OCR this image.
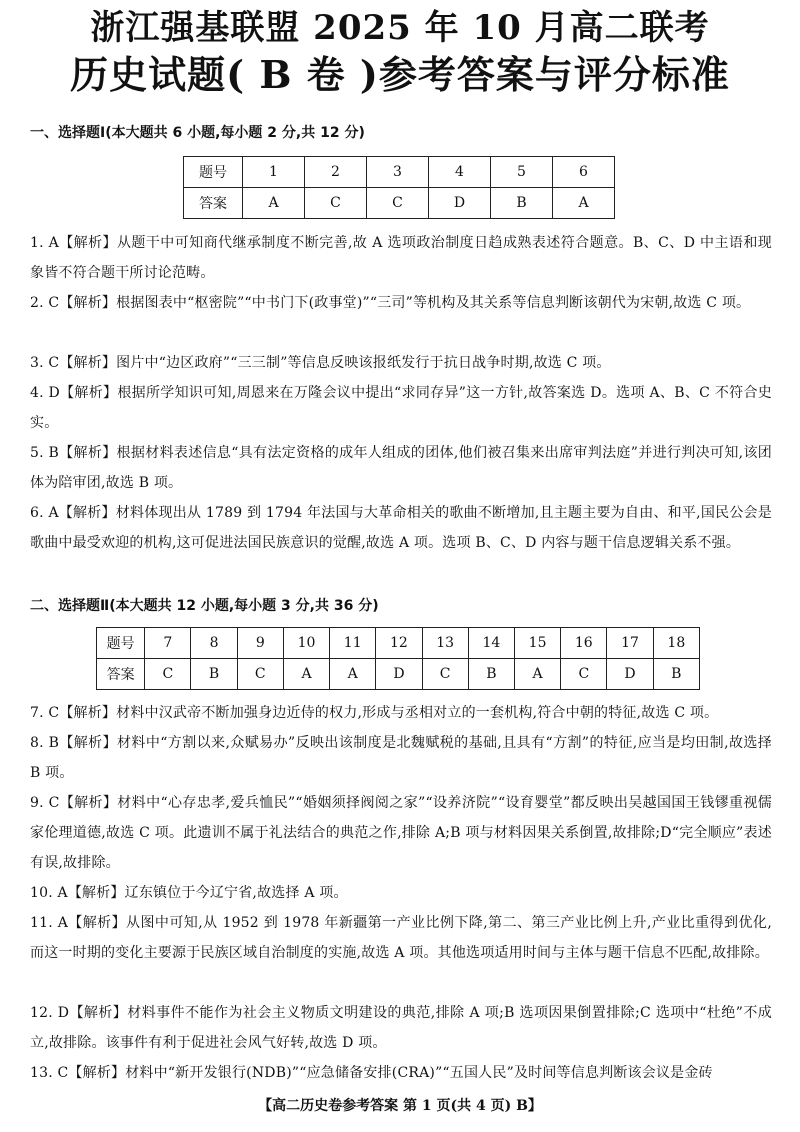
浙江强基联盟 2025 年 10 月高二联考
历史试题( B 卷 )参考答案与评分标准
一、选择题Ⅰ(本大题共 6 小题,每小题 2 分,共 12 分)
题号	1	2	3	4	5	6
答案	A	C	C	D	B	A
1. A【解析】从题干中可知商代继承制度不断完善,故 A 选项政治制度日趋成熟表述符合题意。B、C、D 中主语和现象皆不符合题干所讨论范畴。
2. C【解析】根据图表中“枢密院”“中书门下(政事堂)”“三司”等机构及其关系等信息判断该朝代为宋朝,故选 C 项。
3. C【解析】图片中“边区政府”“三三制”等信息反映该报纸发行于抗日战争时期,故选 C 项。
4. D【解析】根据所学知识可知,周恩来在万隆会议中提出“求同存异”这一方针,故答案选 D。选项 A、B、C 不符合史实。
5. B【解析】根据材料表述信息“具有法定资格的成年人组成的团体,他们被召集来出席审判法庭”并进行判决可知,该团体为陪审团,故选 B 项。
6. A【解析】材料体现出从 1789 到 1794 年法国与大革命相关的歌曲不断增加,且主题主要为自由、和平,国民公会是歌曲中最受欢迎的机构,这可促进法国民族意识的觉醒,故选 A 项。选项 B、C、D 内容与题干信息逻辑关系不强。
二、选择题Ⅱ(本大题共 12 小题,每小题 3 分,共 36 分)
题号	7	8	9	10	11	12	13	14	15	16	17	18
答案	C	B	C	A	A	D	C	B	A	C	D	B
7. C【解析】材料中汉武帝不断加强身边近侍的权力,形成与丞相对立的一套机构,符合中朝的特征,故选 C 项。
8. B【解析】材料中“方割以来,众赋易办”反映出该制度是北魏赋税的基础,且具有“方割”的特征,应当是均田制,故选择 B 项。
9. C【解析】材料中“心存忠孝,爱兵恤民”“婚姻须择阀阅之家”“设养济院”“设育婴堂”都反映出吴越国国王钱镠重视儒家伦理道德,故选 C 项。此遗训不属于礼法结合的典范之作,排除 A;B 项与材料因果关系倒置,故排除;D“完全顺应”表述有误,故排除。
10. A【解析】辽东镇位于今辽宁省,故选择 A 项。
11. A【解析】从图中可知,从 1952 到 1978 年新疆第一产业比例下降,第二、第三产业比例上升,产业比重得到优化,而这一时期的变化主要源于民族区域自治制度的实施,故选 A 项。其他选项适用时间与主体与题干信息不匹配,故排除。
12. D【解析】材料事件不能作为社会主义物质文明建设的典范,排除 A 项;B 选项因果倒置排除;C 选项中“杜绝”不成立,故排除。该事件有利于促进社会风气好转,故选 D 项。
13. C【解析】材料中“新开发银行(NDB)”“应急储备安排(CRA)”“五国人民”及时间等信息判断该会议是金砖
【高二历史卷参考答案 第 1 页(共 4 页) B】
